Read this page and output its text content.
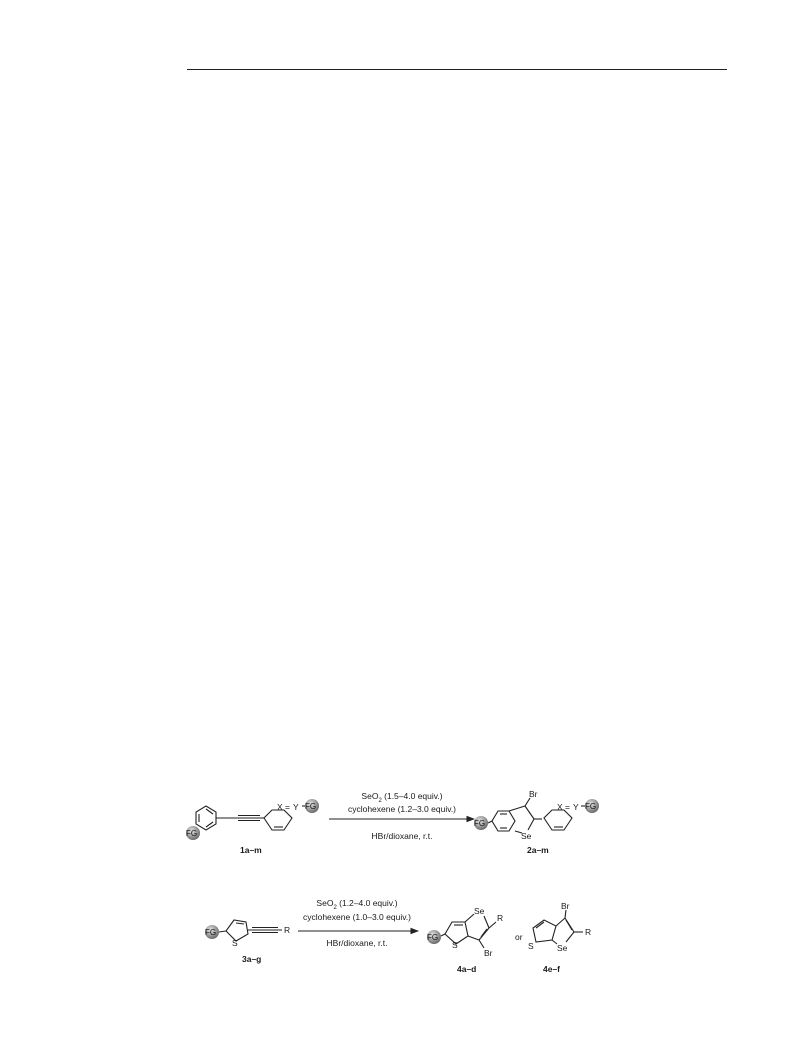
FG
X = Y FG
1a–m
SeO$_2$ (1.5–4.0 equiv.)
cyclohexene (1.2–3.0 equiv.)
HBr/dioxane, r.t.
Br
Se
FG
X = Y FG
2a–m
FG
S
R
3a–g
SeO$_2$ (1.2–4.0 equiv.)
cyclohexene (1.0–3.0 equiv.)
HBr/dioxane, r.t.
FG
S
Se
R
Br
4a–d
or
S	Se
Br
R
4e–f
